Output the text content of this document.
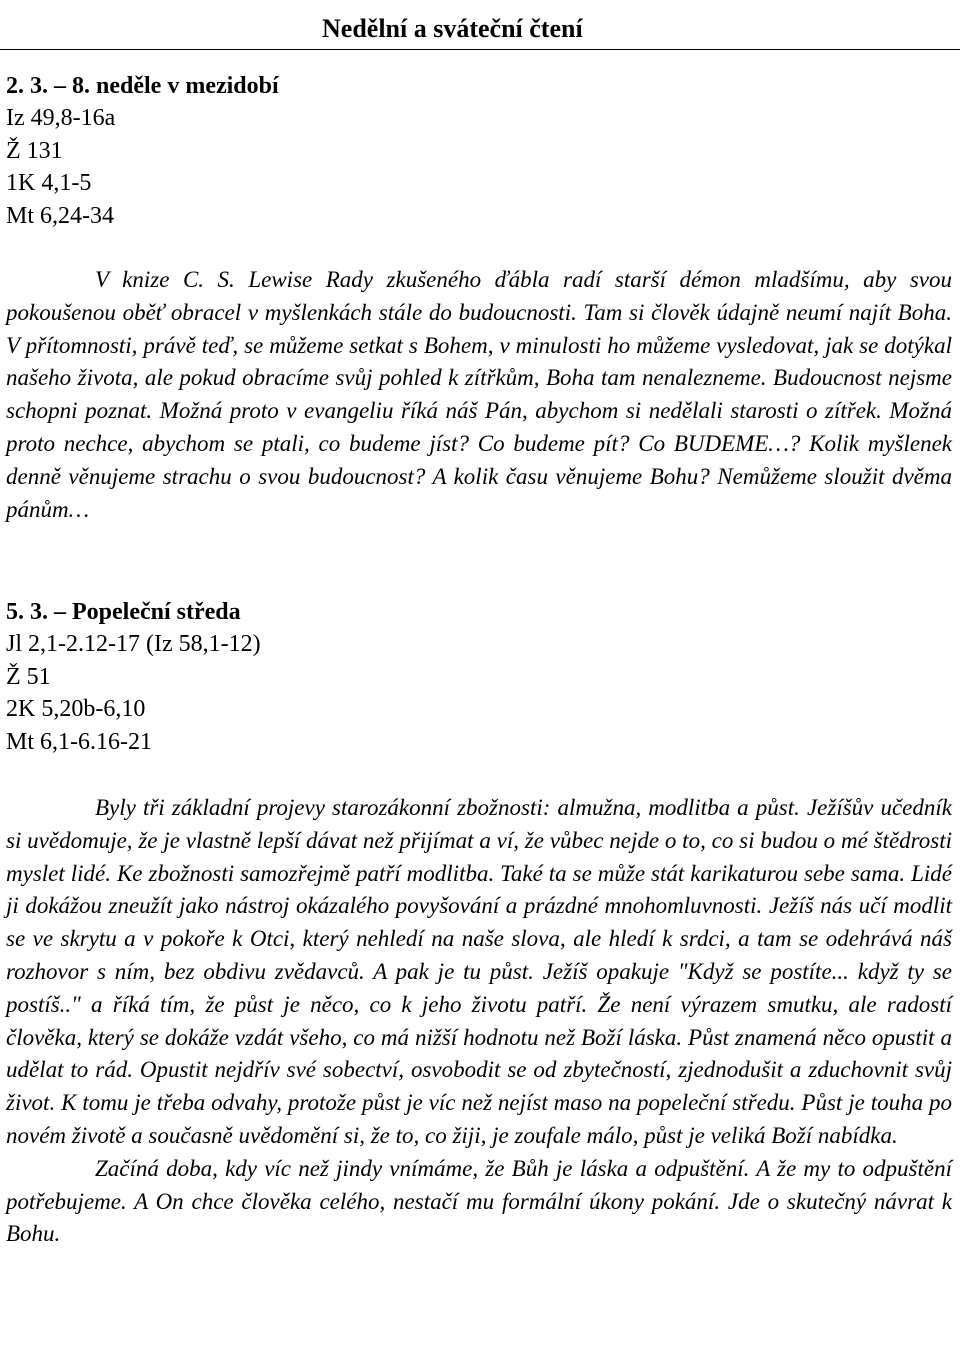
Nedělní a sváteční čtení
2. 3. – 8. neděle v mezidobí
Iz 49,8-16a
Ž 131
1K 4,1-5
Mt 6,24-34

V knize C. S. Lewise Rady zkušeného ďábla radí starší démon mladšímu, aby svou pokoušenou oběť obracel v myšlenkách stále do budoucnosti. Tam si člověk údajně neumí najít Boha. V přítomnosti, právě teď, se můžeme setkat s Bohem, v minulosti ho můžeme vysledovat, jak se dotýkal našeho života, ale pokud obracíme svůj pohled k zítřkům, Boha tam nenalezneme. Budoucnost nejsme schopni poznat. Možná proto v evangeliu říká náš Pán, abychom si nedělali starosti o zítřek. Možná proto nechce, abychom se ptali, co budeme jíst? Co budeme pít? Co BUDEME…? Kolik myšlenek denně věnujeme strachu o svou budoucnost? A kolik času věnujeme Bohu? Nemůžeme sloužit dvěma pánům…

5. 3. – Popeleční středa
Jl 2,1-2.12-17 (Iz 58,1-12)
Ž 51
2K 5,20b-6,10
Mt 6,1-6.16-21

Byly tři základní projevy starozákonní zbožnosti: almužna, modlitba a půst. Ježíšův učedník si uvědomuje, že je vlastně lepší dávat než přijímat a ví, že vůbec nejde o to, co si budou o mé štědrosti myslet lidé. Ke zbožnosti samozřejmě patří modlitba. Také ta se může stát karikaturou sebe sama. Lidé ji dokážou zneužít jako nástroj okázalého povyšování a prázdné mnohomluvnosti. Ježíš nás učí modlit se ve skrytu a v pokoře k Otci, který nehledí na naše slova, ale hledí k srdci, a tam se odehrává náš rozhovor s ním, bez obdivu zvědavců. A pak je tu půst. Ježíš opakuje "Když se postíte... když ty se postíš.." a říká tím, že půst je něco, co k jeho životu patří. Že není výrazem smutku, ale radostí člověka, který se dokáže vzdát všeho, co má nižší hodnotu než Boží láska. Půst znamená něco opustit a udělat to rád. Opustit nejdřív své sobectví, osvobodit se od zbytečností, zjednodušit a zduchovnit svůj život. K tomu je třeba odvahy, protože půst je víc než nejíst maso na popeleční středu. Půst je touha po novém životě a současně uvědomění si, že to, co žiji, je zoufale málo, půst je veliká Boží nabídka.

Začíná doba, kdy víc než jindy vnímáme, že Bůh je láska a odpuštění. A že my to odpuštění potřebujeme. A On chce člověka celého, nestačí mu formální úkony pokání. Jde o skutečný návrat k Bohu.
